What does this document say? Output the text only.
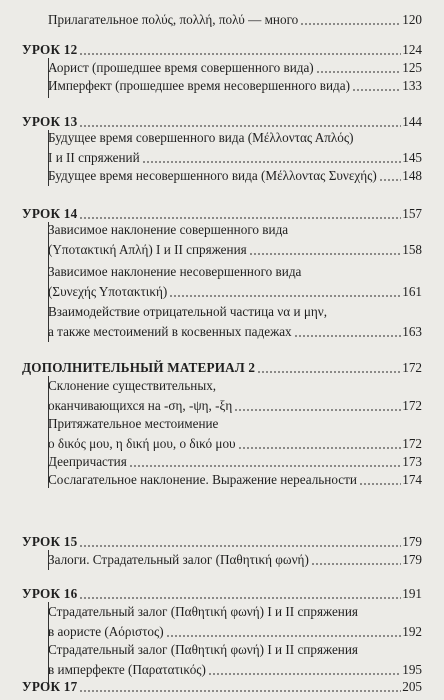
Прилагательное πολύς, πολλή, πολύ — много	120
УРОК 12	124
Аорист (прошедшее время совершенного вида)	125
Имперфект (прошедшее время несовершенного вида)	133
УРОК 13	144
Будущее время совершенного вида (Μέλλοντας Απλός)
I и II спряжений	145
Будущее время несовершенного вида (Μέλλοντας Συνεχής) 148
УРОК 14	157
Зависимое наклонение совершенного вида
(Υποτακτική Απλή) I и II спряжения	158
Зависимое наклонение несовершенного вида
(Συνεχής Υποτακτική)	161
Взаимодействие отрицательной частица να и μην,
а также местоимений в косвенных падежах	163
ДОПОЛНИТЕЛЬНЫЙ МАТЕРИАЛ 2	172
Склонение существительных,
оканчивающихся на -ση, -ψη, -ξη	172
Притяжательное местоимение
ο δικός μου, η δική μου, ο δικό μου	172
Деепричастия	173
Сослагательное наклонение. Выражение нереальности	174
УРОК 15	179
Залоги. Страдательный залог (Παθητική φωνή)	179
УРОК 16	191
Страдательный залог (Παθητική φωνή) I и II спряжения
в аористе (Αόριστος)	192
Страдательный залог (Παθητική φωνή) I и II спряжения
в имперфекте (Παρατατικός)	195
УРОК 17	205
